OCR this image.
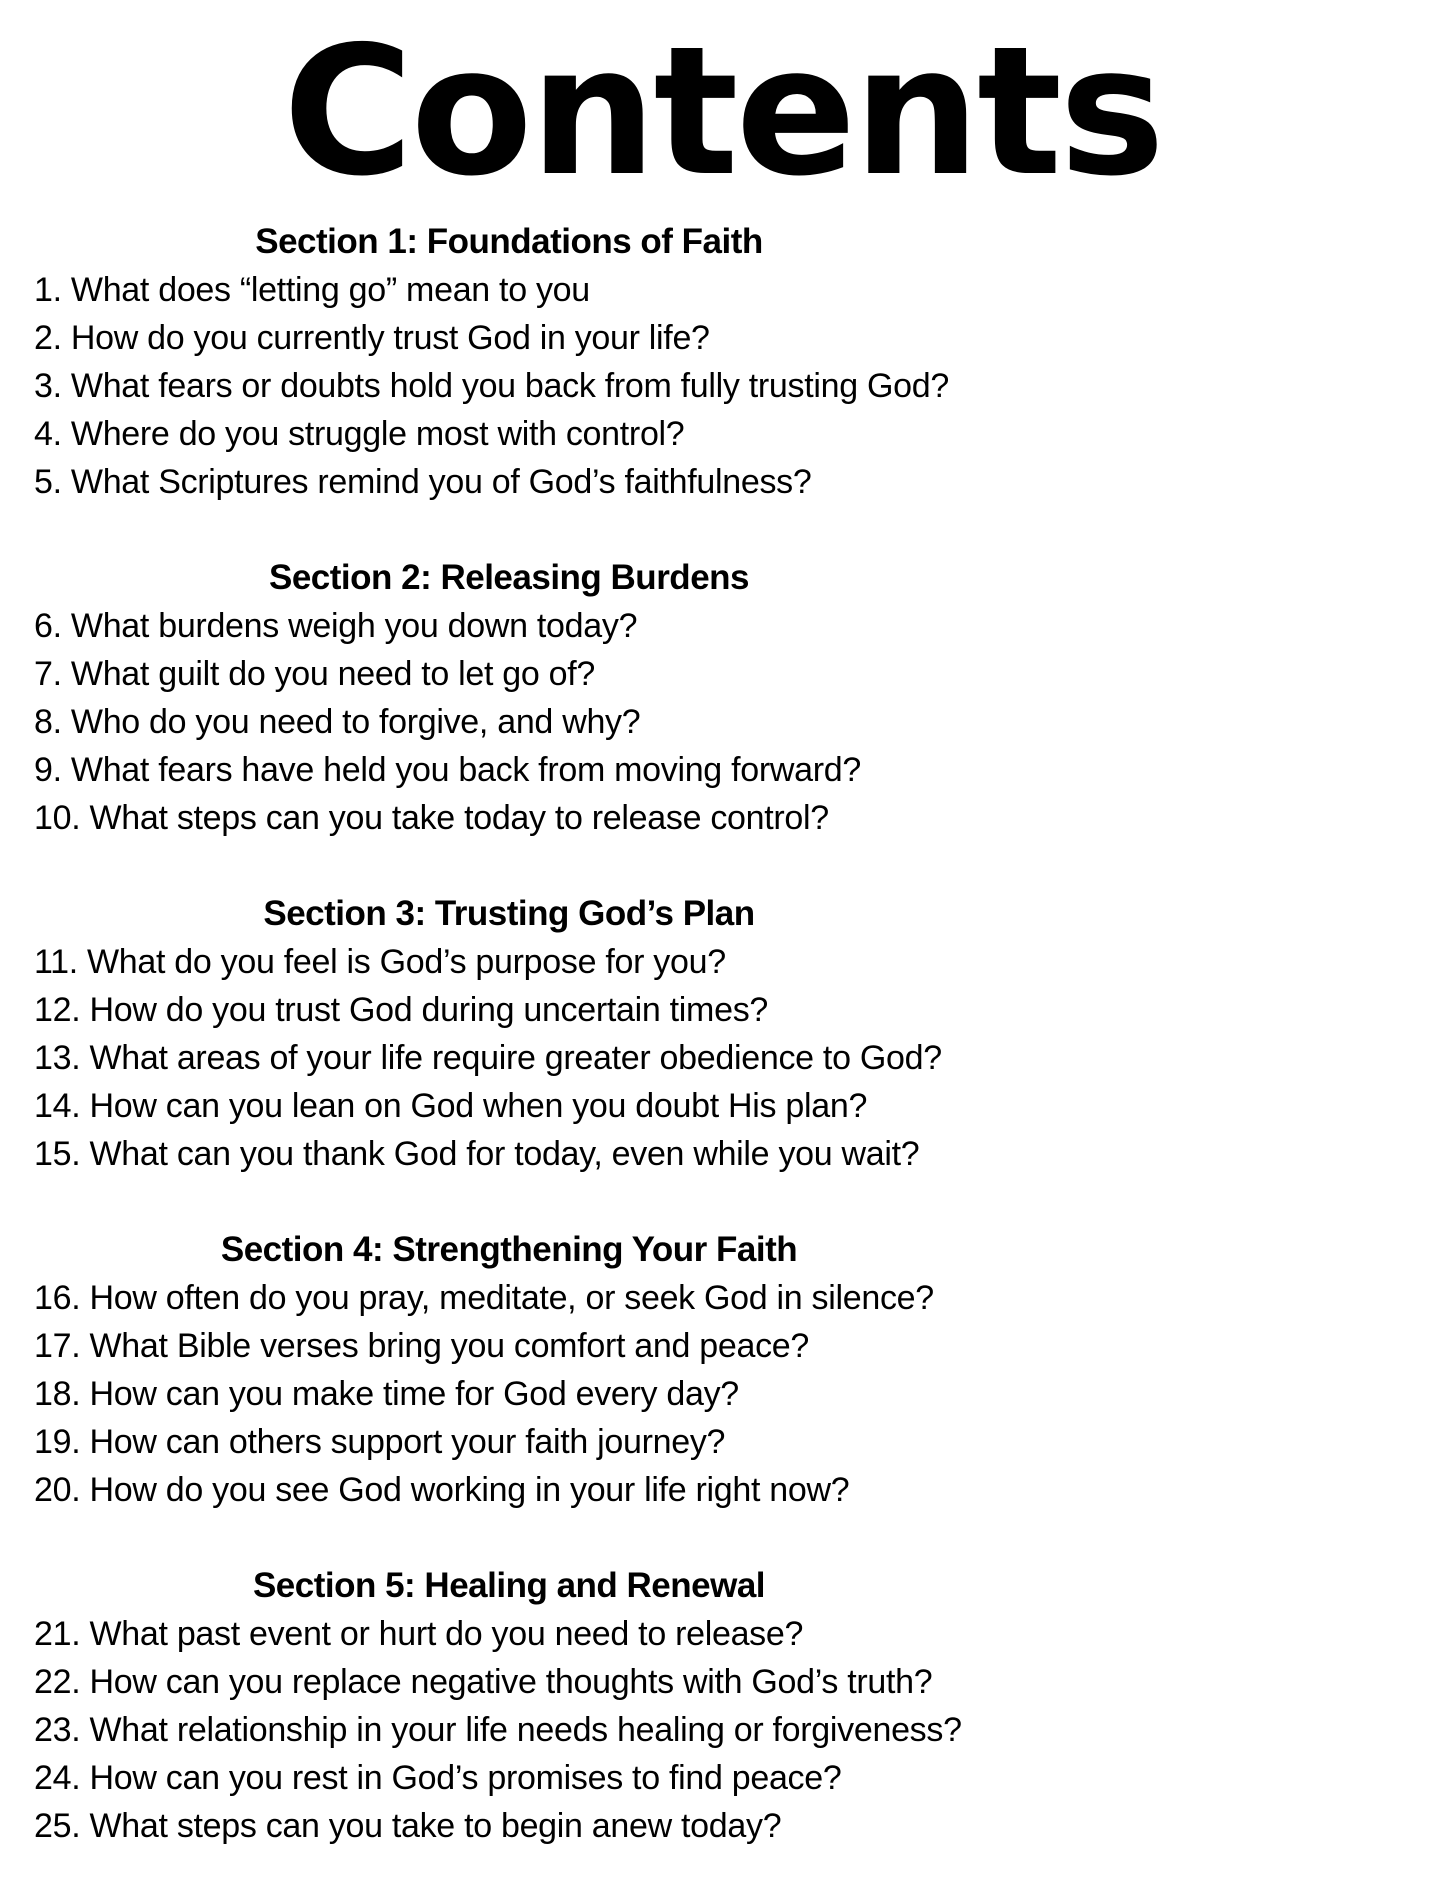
Contents
Section 1: Foundations of Faith
1. What does “letting go” mean to you
2. How do you currently trust God in your life?
3. What fears or doubts hold you back from fully trusting God?
4. Where do you struggle most with control?
5. What Scriptures remind you of God’s faithfulness?
Section 2: Releasing Burdens
6. What burdens weigh you down today?
7. What guilt do you need to let go of?
8. Who do you need to forgive, and why?
9. What fears have held you back from moving forward?
10. What steps can you take today to release control?
Section 3: Trusting God’s Plan
11. What do you feel is God’s purpose for you?
12. How do you trust God during uncertain times?
13. What areas of your life require greater obedience to God?
14. How can you lean on God when you doubt His plan?
15. What can you thank God for today, even while you wait?
Section 4: Strengthening Your Faith
16. How often do you pray, meditate, or seek God in silence?
17. What Bible verses bring you comfort and peace?
18. How can you make time for God every day?
19. How can others support your faith journey?
20. How do you see God working in your life right now?
Section 5: Healing and Renewal
21. What past event or hurt do you need to release?
22. How can you replace negative thoughts with God’s truth?
23. What relationship in your life needs healing or forgiveness?
24. How can you rest in God’s promises to find peace?
25. What steps can you take to begin anew today?
